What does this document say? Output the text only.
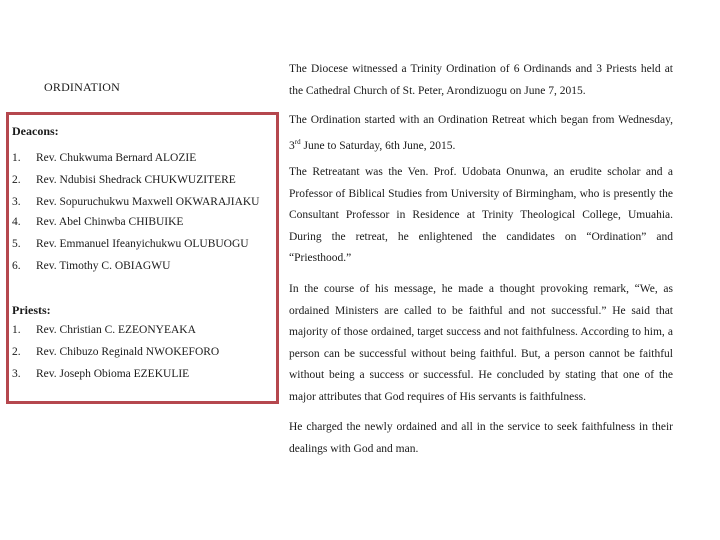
ORDINATION
Deacons:
1. Rev. Chukwuma Bernard ALOZIE
2. Rev. Ndubisi Shedrack CHUKWUZITERE
3. Rev. Sopuruchukwu Maxwell OKWARAJIAKU
4. Rev. Abel Chinwba CHIBUIKE
5. Rev. Emmanuel Ifeanyichukwu OLUBUOGU
6. Rev. Timothy C. OBIAGWU
Priests:
1. Rev. Christian C. EZEONYEAKA
2. Rev. Chibuzo Reginald NWOKEFORO
3. Rev. Joseph Obioma EZEKULIE

The Diocese witnessed a Trinity Ordination of 6 Ordinands and 3 Priests held at the Cathedral Church of St. Peter, Arondizuogu on June 7, 2015.

The Ordination started with an Ordination Retreat which began from Wednesday, 3rd June to Saturday, 6th June, 2015.

The Retreatant was the Ven. Prof. Udobata Onunwa, an erudite scholar and a Professor of Biblical Studies from University of Birmingham, who is presently the Consultant Professor in Residence at Trinity Theological College, Umuahia. During the retreat, he enlightened the candidates on “Ordination” and “Priesthood.”

In the course of his message, he made a thought provoking remark, “We, as ordained Ministers are called to be faithful and not successful.” He said that majority of those ordained, target success and not faithfulness. According to him, a person can be successful without being faithful. But, a person cannot be faithful without being a success or successful. He concluded by stating that one of the major attributes that God requires of His servants is faithfulness.

He charged the newly ordained and all in the service to seek faithfulness in their dealings with God and man.
